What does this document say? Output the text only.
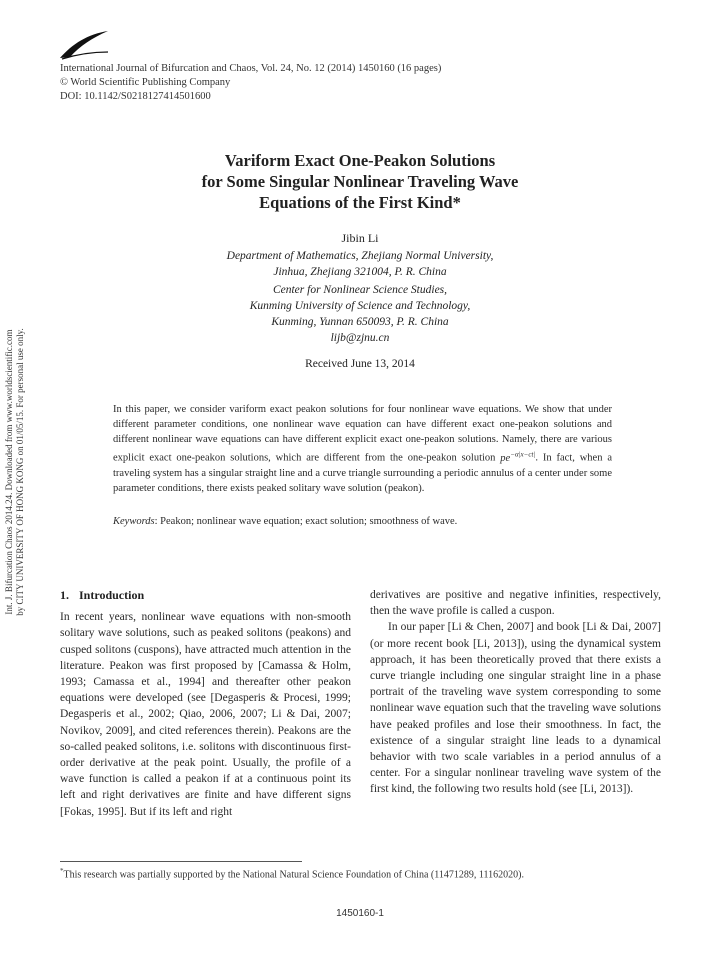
International Journal of Bifurcation and Chaos, Vol. 24, No. 12 (2014) 1450160 (16 pages)
© World Scientific Publishing Company
DOI: 10.1142/S0218127414501600
Variform Exact One-Peakon Solutions
for Some Singular Nonlinear Traveling Wave
Equations of the First Kind*
Jibin Li
Department of Mathematics, Zhejiang Normal University,
Jinhua, Zhejiang 321004, P. R. China
Center for Nonlinear Science Studies,
Kunming University of Science and Technology,
Kunming, Yunnan 650093, P. R. China
lijb@zjnu.cn
Received June 13, 2014
In this paper, we consider variform exact peakon solutions for four nonlinear wave equations. We show that under different parameter conditions, one nonlinear wave equation can have different exact one-peakon solutions and different nonlinear wave equations can have different explicit exact one-peakon solutions. Namely, there are various explicit exact one-peakon solutions, which are different from the one-peakon solution $pe^{-\alpha|x-ct|}$. In fact, when a traveling system has a singular straight line and a curve triangle surrounding a periodic annulus of a center under some parameter conditions, there exists peaked solitary wave solution (peakon).
Keywords: Peakon; nonlinear wave equation; exact solution; smoothness of wave.
Int. J. Bifurcation Chaos 2014.24. Downloaded from www.worldscientific.com by CITY UNIVERSITY OF HONG KONG on 01/05/15. For personal use only.	1. Introduction

In recent years, nonlinear wave equations with non-smooth solitary wave solutions, such as peaked solitons (peakons) and cusped solitons (cuspons), have attracted much attention in the literature. Peakon was first proposed by [Camassa & Holm, 1993; Camassa et al., 1994] and thereafter other peakon equations were developed (see [Degasperis & Procesi, 1999; Degasperis et al., 2002; Qiao, 2006, 2007; Li & Dai, 2007; Novikov, 2009], and cited references therein). Peakons are the so-called peaked solitons, i.e. solitons with discontinuous first-order derivative at the peak point. Usually, the profile of a wave function is called a peakon if at a continuous point its left and right derivatives are finite and have different signs [Fokas, 1995]. But if its left and right

derivatives are positive and negative infinities, respectively, then the wave profile is called a cuspon.

In our paper [Li & Chen, 2007] and book [Li & Dai, 2007] (or more recent book [Li, 2013]), using the dynamical system approach, it has been theoretically proved that there exists a curve triangle including one singular straight line in a phase portrait of the traveling wave system corresponding to some nonlinear wave equation such that the traveling wave solutions have peaked profiles and lose their smoothness. In fact, the existence of a singular straight line leads to a dynamical behavior with two scale variables in a period annulus of a center. For a singular nonlinear traveling wave system of the first kind, the following two results hold (see [Li, 2013]).

*This research was partially supported by the National Natural Science Foundation of China (11471289, 11162020).
1450160-1
